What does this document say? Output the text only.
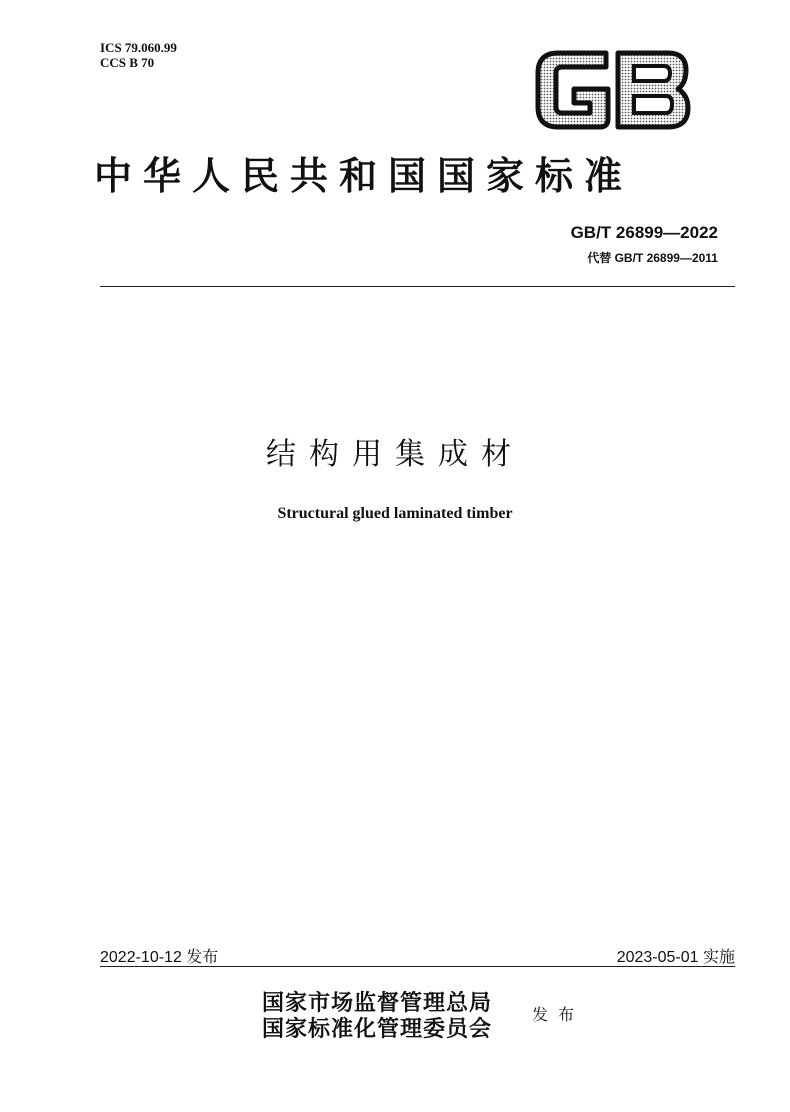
ICS 79.060.99
CCS B 70
中华人民共和国国家标准
GB/T 26899—2022
代替 GB/T 26899—2011
结构用集成材
Structural glued laminated timber
2022-10-12 发布	2023-05-01 实施
国家市场监督管理总局
国家标准化管理委员会
发布
